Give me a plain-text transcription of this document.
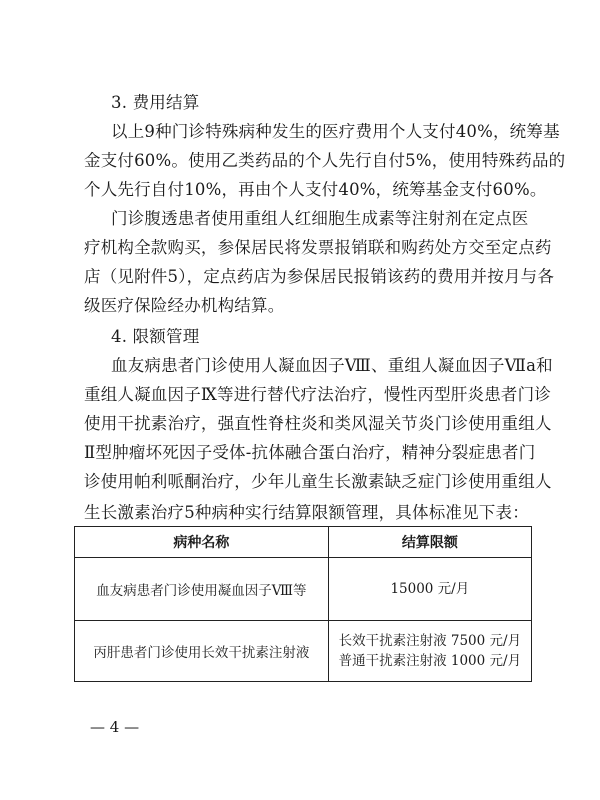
3. 费用结算
以上9种门诊特殊病种发生的医疗费用个人支付40%，统筹基
金支付60%。使用乙类药品的个人先行自付5%，使用特殊药品的
个人先行自付10%，再由个人支付40%，统筹基金支付60%。
门诊腹透患者使用重组人红细胞生成素等注射剂在定点医
疗机构全款购买，参保居民将发票报销联和购药处方交至定点药
店（见附件5），定点药店为参保居民报销该药的费用并按月与各
级医疗保险经办机构结算。
4. 限额管理
血友病患者门诊使用人凝血因子Ⅷ、重组人凝血因子Ⅶa和
重组人凝血因子Ⅸ等进行替代疗法治疗，慢性丙型肝炎患者门诊
使用干扰素治疗，强直性脊柱炎和类风湿关节炎门诊使用重组人
Ⅱ型肿瘤坏死因子受体-抗体融合蛋白治疗，精神分裂症患者门
诊使用帕利哌酮治疗，少年儿童生长激素缺乏症门诊使用重组人
病种名称	结算限额
血友病患者门诊使用凝血因子Ⅷ等	15000 元/月

丙肝患者门诊使用长效干扰素注射液	长效干扰素注射液 7500 元/月
普通干扰素注射液 1000 元/月
— 4 —
生长激素治疗5种病种实行结算限额管理，具体标准见下表：
